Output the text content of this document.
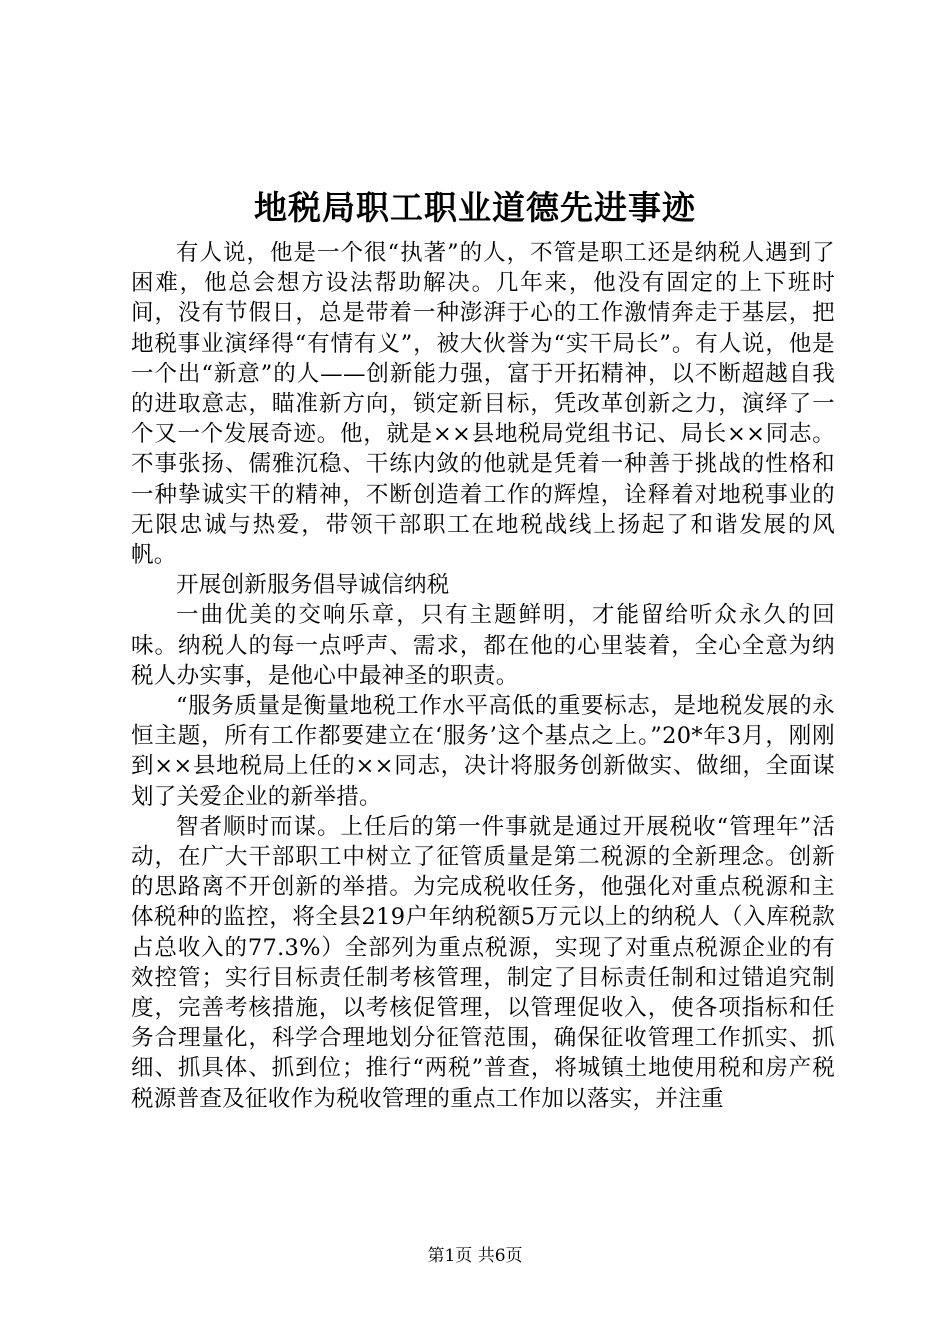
地税局职工职业道德先进事迹

有人说，他是一个很“执著”的人，不管是职工还是纳税人遇到了困难，他总会想方设法帮助解决。几年来，他没有固定的上下班时间，没有节假日，总是带着一种澎湃于心的工作激情奔走于基层，把地税事业演绎得“有情有义”，被大伙誉为“实干局长”。有人说，他是一个出“新意”的人——创新能力强，富于开拓精神，以不断超越自我的进取意志，瞄准新方向，锁定新目标，凭改革创新之力，演绎了一个又一个发展奇迹。他，就是××县地税局党组书记、局长××同志。不事张扬、儒雅沉稳、干练内敛的他就是凭着一种善于挑战的性格和一种挚诚实干的精神，不断创造着工作的辉煌，诠释着对地税事业的无限忠诚与热爱，带领干部职工在地税战线上扬起了和谐发展的风帆。

开展创新服务倡导诚信纳税

一曲优美的交响乐章，只有主题鲜明，才能留给听众永久的回味。纳税人的每一点呼声、需求，都在他的心里装着，全心全意为纳税人办实事，是他心中最神圣的职责。

“服务质量是衡量地税工作水平高低的重要标志，是地税发展的永恒主题，所有工作都要建立在‘服务’这个基点之上。”20*年3月，刚刚到××县地税局上任的××同志，决计将服务创新做实、做细，全面谋划了关爱企业的新举措。

智者顺时而谋。上任后的第一件事就是通过开展税收“管理年”活动，在广大干部职工中树立了征管质量是第二税源的全新理念。创新的思路离不开创新的举措。为完成税收任务，他强化对重点税源和主体税种的监控，将全县219户年纳税额5万元以上的纳税人（入库税款占总收入的77.3%）全部列为重点税源，实现了对重点税源企业的有效控管；实行目标责任制考核管理，制定了目标责任制和过错追究制度，完善考核措施，以考核促管理，以管理促收入，使各项指标和任务合理量化，科学合理地划分征管范围，确保征收管理工作抓实、抓细、抓具体、抓到位；推行“两税”普查，将城镇土地使用税和房产税税源普查及征收作为税收管理的重点工作加以落实，并注重

第1页 共6页
